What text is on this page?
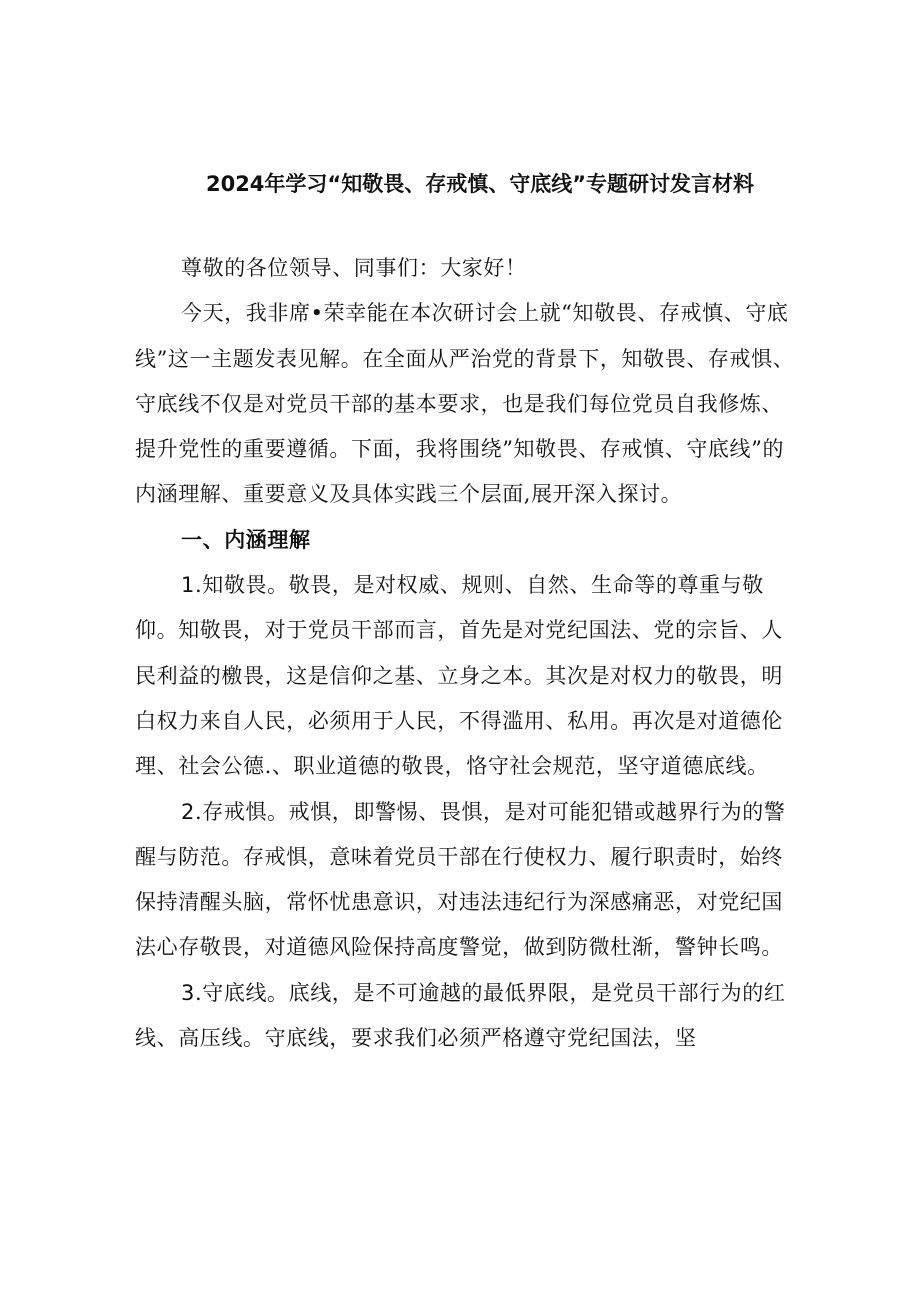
2024年学习“知敬畏、存戒慎、守底线”专题研讨发言材料

尊敬的各位领导、同事们：大家好！

今天，我非席•荣幸能在本次研讨会上就“知敬畏、存戒慎、守底线”这一主题发表见解。在全面从严治党的背景下，知敬畏、存戒惧、守底线不仅是对党员干部的基本要求，也是我们每位党员自我修炼、提升党性的重要遵循。下面，我将围绕”知敬畏、存戒慎、守底线”的内涵理解、重要意义及具体实践三个层面,展开深入探讨。

一、内涵理解

1.知敬畏。敬畏，是对权威、规则、自然、生命等的尊重与敬仰。知敬畏，对于党员干部而言，首先是对党纪国法、党的宗旨、人民利益的檄畏，这是信仰之基、立身之本。其次是对权力的敬畏，明白权力来自人民，必须用于人民，不得滥用、私用。再次是对道德伦理、社会公德.、职业道德的敬畏，恪守社会规范，坚守道德底线。

2.存戒惧。戒惧，即警惕、畏惧，是对可能犯错或越界行为的警醒与防范。存戒惧，意味着党员干部在行使权力、履行职责时，始终保持清醒头脑，常怀忧患意识，对违法违纪行为深感痛恶，对党纪国法心存敬畏，对道德风险保持高度警觉，做到防微杜渐，警钟长鸣。

3.守底线。底线，是不可逾越的最低界限，是党员干部行为的红线、高压线。守底线，要求我们必须严格遵守党纪国法，坚
